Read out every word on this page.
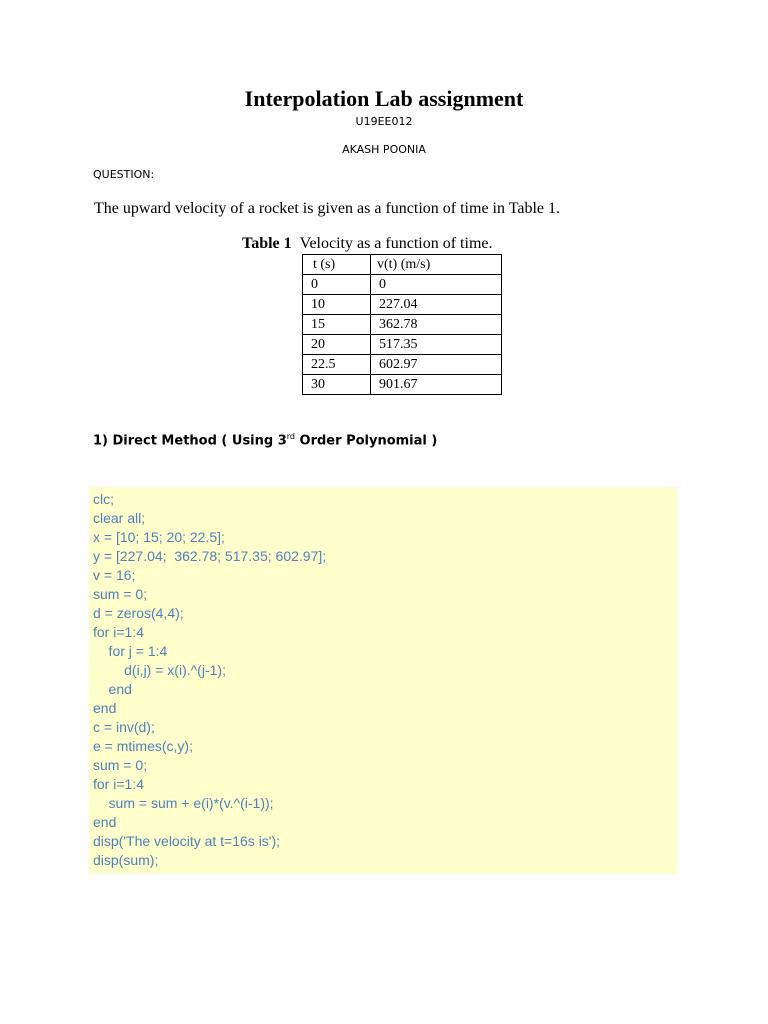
Interpolation Lab assignment
U19EE012
AKASH POONIA
QUESTION:
The upward velocity of a rocket is given as a function of time in Table 1.
Table 1 Velocity as a function of time.
t (s)	v(t) (m/s)
0	0
10	227.04
15	362.78
20	517.35
22.5	602.97
30	901.67
1) Direct Method ( Using 3rd Order Polynomial )
clc;
clear all;
x = [10; 15; 20; 22.5];
y = [227.04;  362.78; 517.35; 602.97];
v = 16;
sum = 0;
d = zeros(4,4);
for i=1:4
for j = 1:4
d(i,j) = x(i).^(j-1);
end
end
c = inv(d);
e = mtimes(c,y);
sum = 0;
for i=1:4
sum = sum + e(i)*(v.^(i-1));
end
disp('The velocity at t=16s is');
disp(sum);
